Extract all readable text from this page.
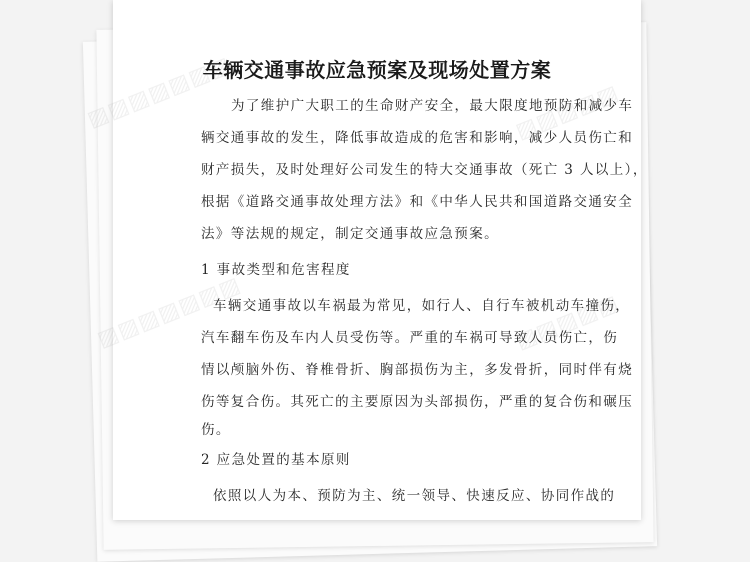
▨▨▨▨▨▨▨
▨▨▨▨▨▨▨
▨▨▨▨▨
▨▨▨▨▨
车辆交通事故应急预案及现场处置方案
为了维护广大职工的生命财产安全，最大限度地预防和减少车
辆交通事故的发生，降低事故造成的危害和影响，减少人员伤亡和
财产损失，及时处理好公司发生的特大交通事故（死亡 3 人以上），
根据《道路交通事故处理方法》和《中华人民共和国道路交通安全
法》等法规的规定，制定交通事故应急预案。
1 事故类型和危害程度
车辆交通事故以车祸最为常见，如行人、自行车被机动车撞伤，
汽车翻车伤及车内人员受伤等。严重的车祸可导致人员伤亡，伤
情以颅脑外伤、脊椎骨折、胸部损伤为主，多发骨折，同时伴有烧
伤等复合伤。其死亡的主要原因为头部损伤，严重的复合伤和碾压
伤。
2 应急处置的基本原则
依照以人为本、预防为主、统一领导、快速反应、协同作战的
